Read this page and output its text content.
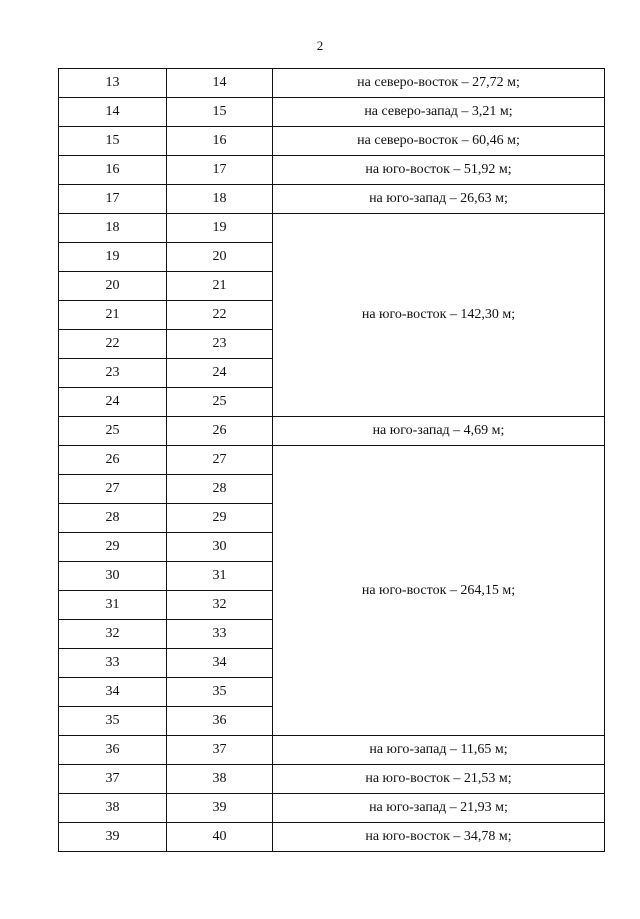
2
13	14	на северо-восток – 27,72 м;
14	15	на северо-запад – 3,21 м;
15	16	на северо-восток – 60,46 м;
16	17	на юго-восток – 51,92 м;
17	18	на юго-запад – 26,63 м;
18	19	на юго-восток – 142,30 м;
19	20	
20	21	
21	22	
22	23	
23	24	
24	25	
25	26	на юго-запад – 4,69 м;
26	27	на юго-восток – 264,15 м;
27	28	
28	29	
29	30	
30	31	
31	32	
32	33	
33	34	
34	35	
35	36	
36	37	на юго-запад – 11,65 м;
37	38	на юго-восток – 21,53 м;
38	39	на юго-запад – 21,93 м;
39	40	на юго-восток – 34,78 м;
